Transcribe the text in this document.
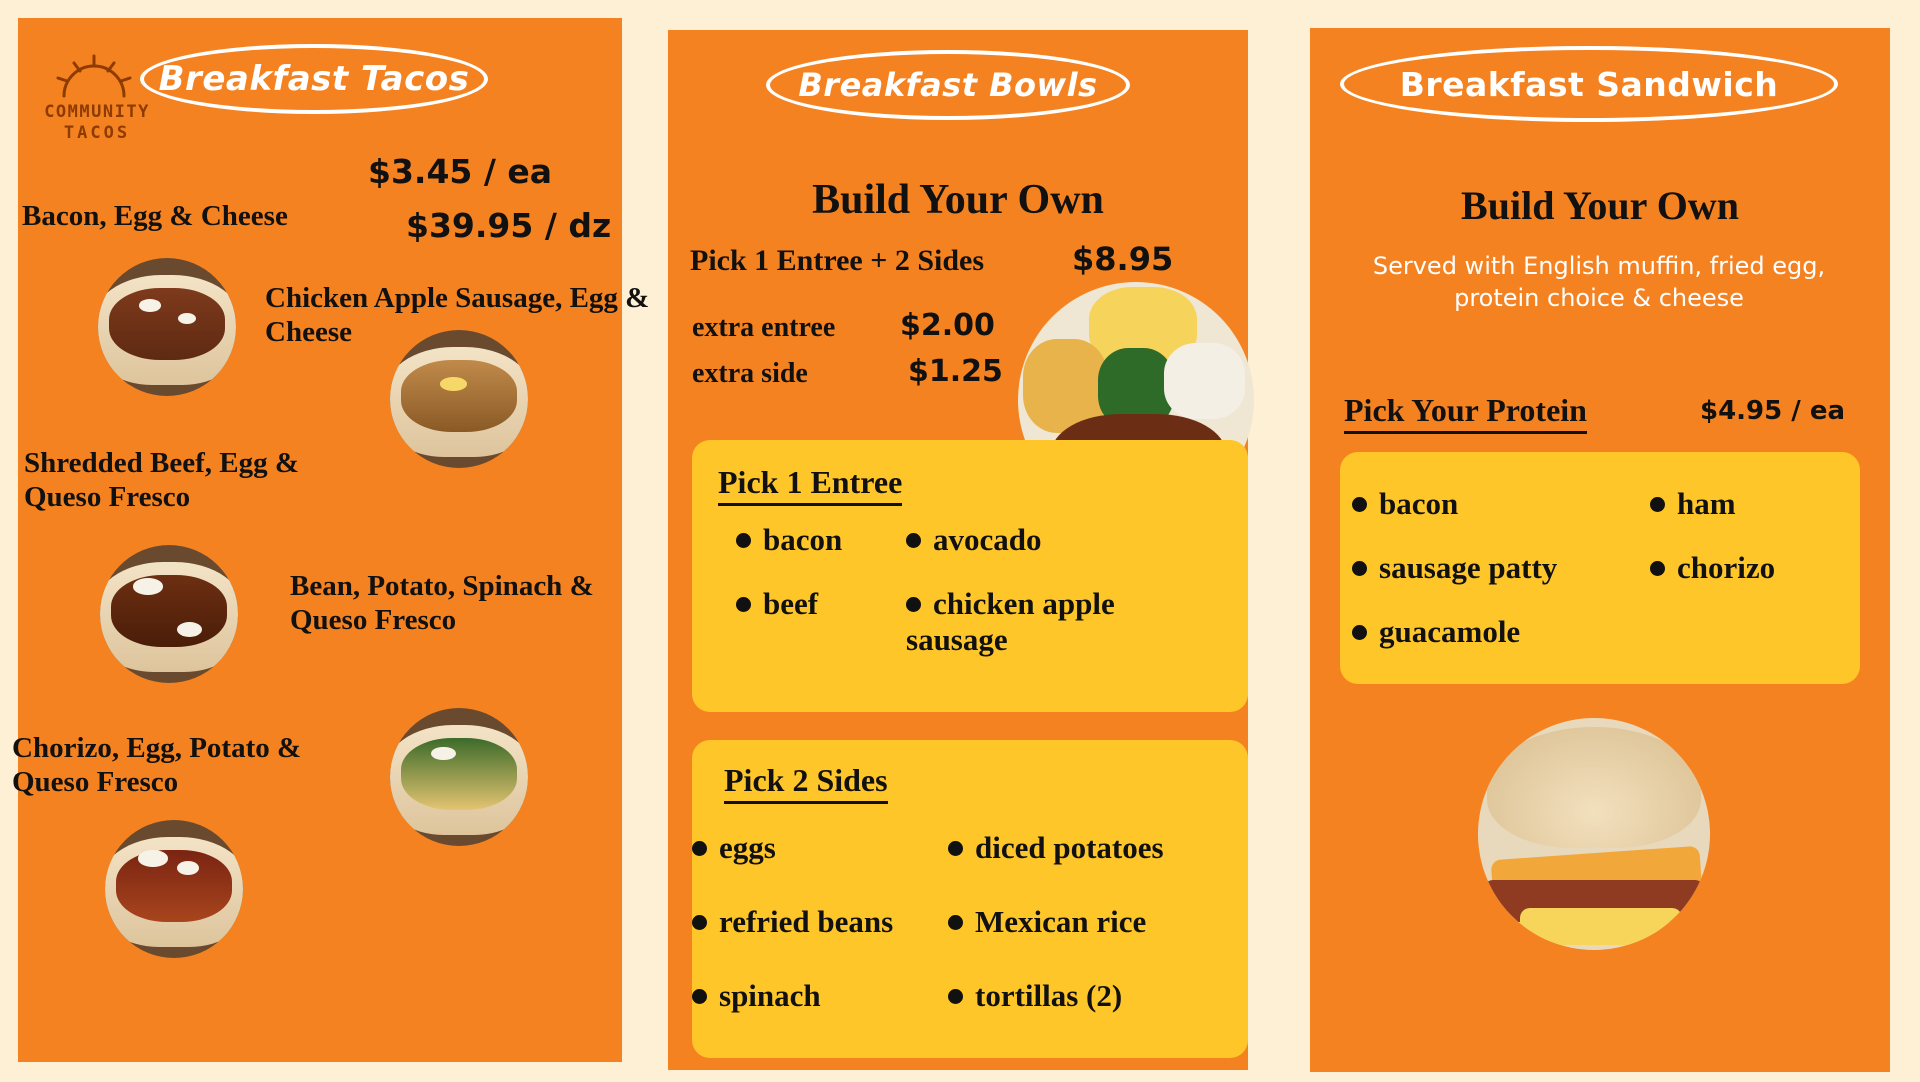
COMMUNITY
TACOS
Breakfast Tacos
$3.45 / ea
$39.95 / dz
Bacon, Egg & Cheese
Chicken Apple Sausage, Egg & Cheese
Shredded Beef, Egg & Queso Fresco
Bean, Potato, Spinach & Queso Fresco
Chorizo, Egg, Potato & Queso Fresco
Breakfast Bowls
Build Your Own
Pick 1 Entree + 2 Sides	$8.95
extra entree $2.00
extra side	$1.25
Pick 1 Entree
bacon	avocado
beef	chicken apple sausage
Pick 2 Sides
eggs	diced potatoes
refried beans	Mexican rice
spinach	tortillas (2)
Breakfast Sandwich
Build Your Own
Served with English muffin, fried egg, protein choice & cheese
Pick Your Protein	$4.95 / ea
bacon	ham
sausage patty	chorizo
guacamole
